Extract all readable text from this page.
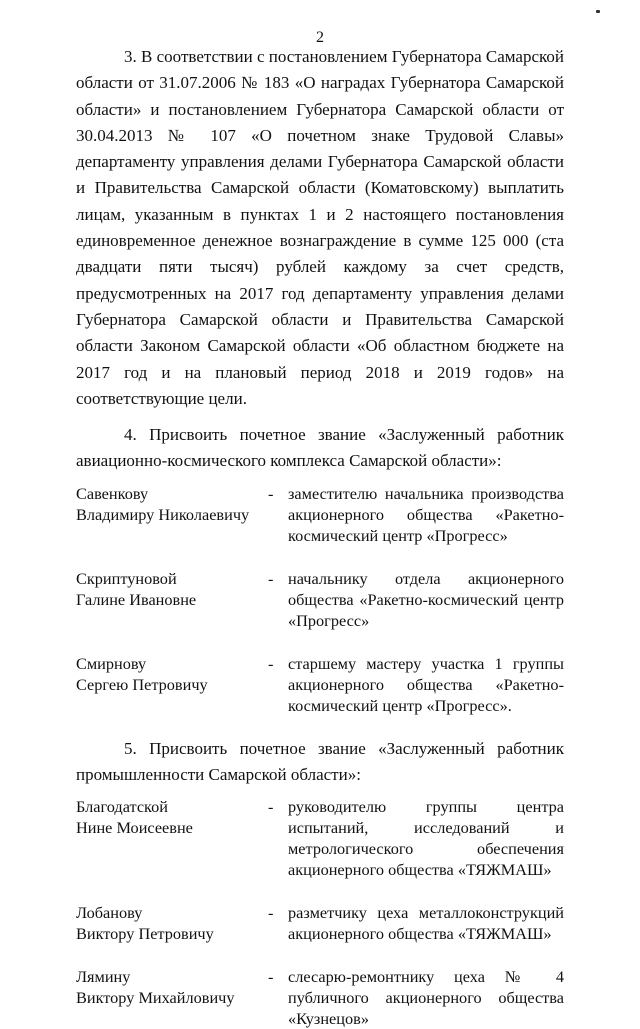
2

3. В соответствии с постановлением Губернатора Самарской области от 31.07.2006 № 183 «О наградах Губернатора Самарской области» и постановлением Губернатора Самарской области от 30.04.2013 № 107 «О почетном знаке Трудовой Славы» департаменту управления делами Губернатора Самарской области и Правительства Самарской области (Коматовскому) выплатить лицам, указанным в пунктах 1 и 2 настоящего постановления единовременное денежное вознаграждение в сумме 125 000 (ста двадцати пяти тысяч) рублей каждому за счет средств, предусмотренных на 2017 год департаменту управления делами Губернатора Самарской области и Правительства Самарской области Законом Самарской области «Об областном бюджете на 2017 год и на плановый период 2018 и 2019 годов» на соответствующие цели.

4. Присвоить почетное звание «Заслуженный работник авиационно-космического комплекса Самарской области»:

Савенкову
Владимиру Николаевичу
- заместителю начальника производства акционерного общества «Ракетно-космический центр «Прогресс»
Скриптуновой
Галине Ивановне
- начальнику отдела акционерного общества «Ракетно-космический центр «Прогресс»
Смирнову
Сергею Петровичу
- старшему мастеру участка 1 группы акционерного общества «Ракетно-космический центр «Прогресс».

5. Присвоить почетное звание «Заслуженный работник промышленности Самарской области»:

Благодатской
Нине Моисеевне
- руководителю группы центра испытаний, исследований и метрологического обеспечения акционерного общества «ТЯЖМАШ»
Лобанову
Виктору Петровичу
- разметчику цеха металлоконструкций акционерного общества «ТЯЖМАШ»
Лямину
Виктору Михайловичу
- слесарю-ремонтнику цеха № 4 публичного акционерного общества «Кузнецов»
